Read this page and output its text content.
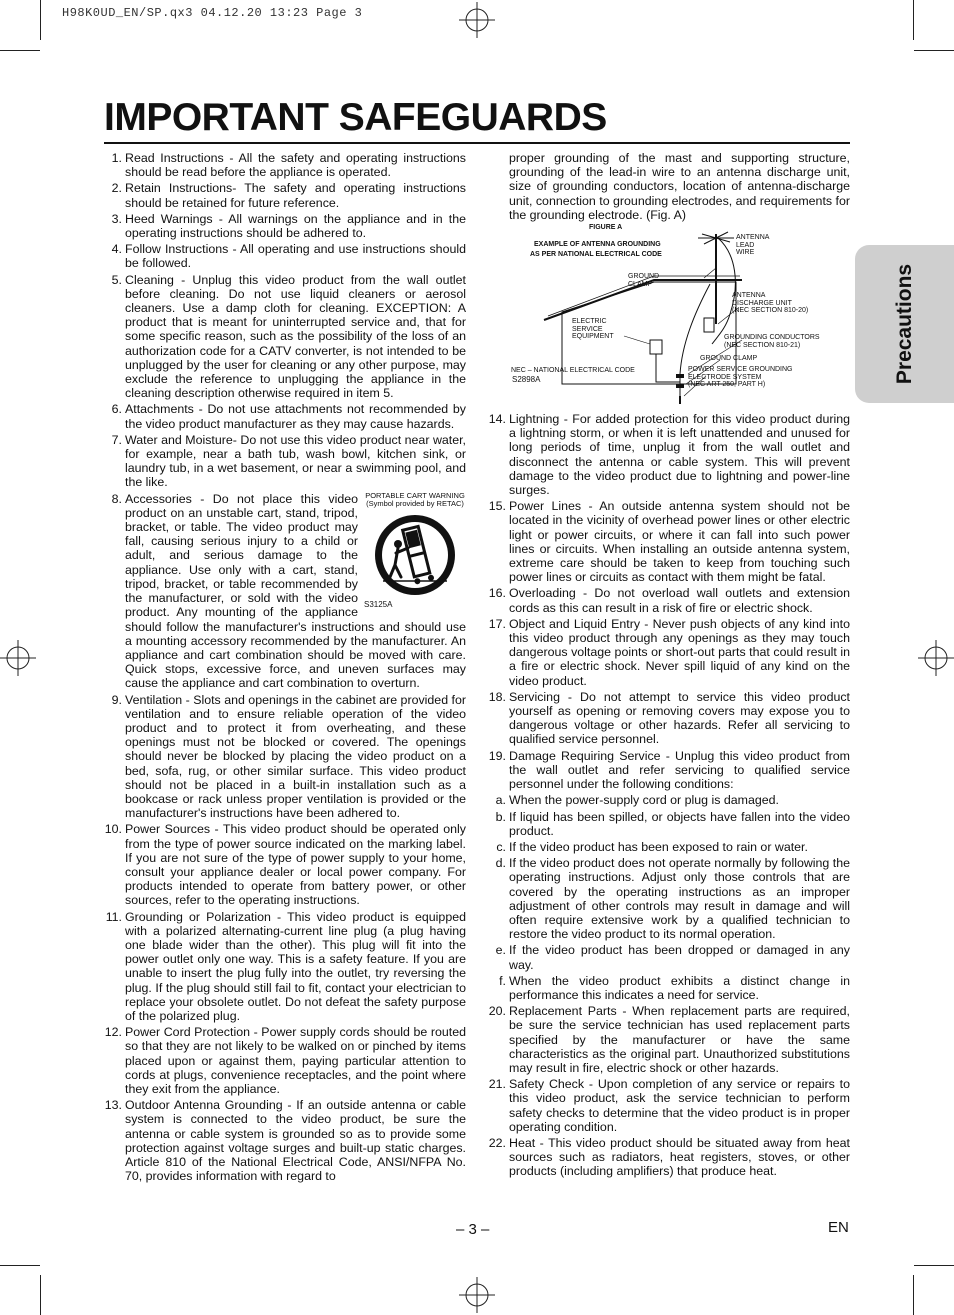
H98K0UD_EN/SP.qx3 04.12.20 13:23 Page 3
IMPORTANT SAFEGUARDS
Precautions
1. Read Instructions - All the safety and operating instructions should be read before the appliance is operated.
2. Retain Instructions- The safety and operating instructions should be retained for future reference.
3. Heed Warnings - All warnings on the appliance and in the operating instructions should be adhered to.
4. Follow Instructions - All operating and use instructions should be followed.
5. Cleaning - Unplug this video product from the wall outlet before cleaning. Do not use liquid cleaners or aerosol cleaners. Use a damp cloth for cleaning. EXCEPTION: A product that is meant for uninterrupted service and, that for some specific reason, such as the possibility of the loss of an authorization code for a CATV converter, is not intended to be unplugged by the user for cleaning or any other purpose, may exclude the reference to unplugging the appliance in the cleaning description otherwise required in item 5.
6. Attachments - Do not use attachments not recommended by the video product manufacturer as they may cause hazards.
7. Water and Moisture- Do not use this video product near water, for example, near a bath tub, wash bowl, kitchen sink, or laundry tub, in a wet basement, or near a swimming pool, and the like.
8.	PORTABLE CART WARNING
(Symbol provided by RETAC)
S3125A
Accessories - Do not place this video product on an unstable cart, stand, tripod, bracket, or table. The video product may fall, causing serious injury to a child or adult, and serious damage to the appliance. Use only with a cart, stand, tripod, bracket, or table recommended by the manufacturer, or sold with the video product. Any mounting of the appliance should follow the manufacturer's instructions and should use a mounting accessory recommended by the manufacturer. An appliance and cart combination should be moved with care. Quick stops, excessive force, and uneven surfaces may cause the appliance and cart combination to overturn.
9. Ventilation - Slots and openings in the cabinet are provided for ventilation and to ensure reliable operation of the video product and to protect it from overheating, and these openings must not be blocked or covered. The openings should never be blocked by placing the video product on a bed, sofa, rug, or other similar surface. This video product should not be placed in a built-in installation such as a bookcase or rack unless proper ventilation is provided or the manufacturer's instructions have been adhered to.
10. Power Sources - This video product should be operated only from the type of power source indicated on the marking label. If you are not sure of the type of power supply to your home, consult your appliance dealer or local power company. For products intended to operate from battery power, or other sources, refer to the operating instructions.
11. Grounding or Polarization - This video product is equipped with a polarized alternating-current line plug (a plug having one blade wider than the other). This plug will fit into the power outlet only one way. This is a safety feature. If you are unable to insert the plug fully into the outlet, try reversing the plug. If the plug should still fail to fit, contact your electrician to replace your obsolete outlet. Do not defeat the safety purpose of the polarized plug.
12. Power Cord Protection - Power supply cords should be routed so that they are not likely to be walked on or pinched by items placed upon or against them, paying particular attention to cords at plugs, convenience receptacles, and the point where they exit from the appliance.
13. Outdoor Antenna Grounding - If an outside antenna or cable system is connected to the video product, be sure the antenna or cable system is grounded so as to provide some protection against voltage surges and built-up static charges. Article 810 of the National Electrical Code, ANSI/NFPA No. 70, provides information with regard to
proper grounding of the mast and supporting structure, grounding of the lead-in wire to an antenna discharge unit, size of grounding conductors, location of antenna-discharge unit, connection to grounding electrodes, and requirements for the grounding electrode. (Fig. A)
FIGURE A
EXAMPLE OF ANTENNA GROUNDING
AS PER NATIONAL ELECTRICAL CODE
ANTENNA
LEAD
WIRE
GROUND
CLAMP
ANTENNA
DISCHARGE UNIT
(NEC SECTION 810-20)
ELECTRIC
SERVICE
EQUIPMENT	GROUNDING CONDUCTORS
(NEC SECTION 810-21)
GROUND CLAMP
NEC – NATIONAL ELECTRICAL CODE
S2898A
POWER SERVICE GROUNDING
ELECTRODE SYSTEM
(NEC ART 250, PART H)
14. Lightning - For added protection for this video product during a lightning storm, or when it is left unattended and unused for long periods of time, unplug it from the wall outlet and disconnect the antenna or cable system. This will prevent damage to the video product due to lightning and power-line surges.
15. Power Lines - An outside antenna system should not be located in the vicinity of overhead power lines or other electric light or power circuits, or where it can fall into such power lines or circuits. When installing an outside antenna system, extreme care should be taken to keep from touching such power lines or circuits as contact with them might be fatal.
16. Overloading - Do not overload wall outlets and extension cords as this can result in a risk of fire or electric shock.
17. Object and Liquid Entry - Never push objects of any kind into this video product through any openings as they may touch dangerous voltage points or short-out parts that could result in a fire or electric shock. Never spill liquid of any kind on the video product.
18. Servicing - Do not attempt to service this video product yourself as opening or removing covers may expose you to dangerous voltage or other hazards. Refer all servicing to qualified service personnel.
19. Damage Requiring Service - Unplug this video product from the wall outlet and refer servicing to qualified service personnel under the following conditions:
a. When the power-supply cord or plug is damaged.
b. If liquid has been spilled, or objects have fallen into the video product.
c. If the video product has been exposed to rain or water.
d. If the video product does not operate normally by following the operating instructions. Adjust only those controls that are covered by the operating instructions as an improper adjustment of other controls may result in damage and will often require extensive work by a qualified technician to restore the video product to its normal operation.
e. If the video product has been dropped or damaged in any way.
f. When the video product exhibits a distinct change in performance this indicates a need for service.
20. Replacement Parts - When replacement parts are required, be sure the service technician has used replacement parts specified by the manufacturer or have the same characteristics as the original part. Unauthorized substitutions may result in fire, electric shock or other hazards.
21. Safety Check - Upon completion of any service or repairs to this video product, ask the service technician to perform safety checks to determine that the video product is in proper operating condition.
22. Heat - This video product should be situated away from heat sources such as radiators, heat registers, stoves, or other products (including amplifiers) that produce heat.
– 3 –	EN
